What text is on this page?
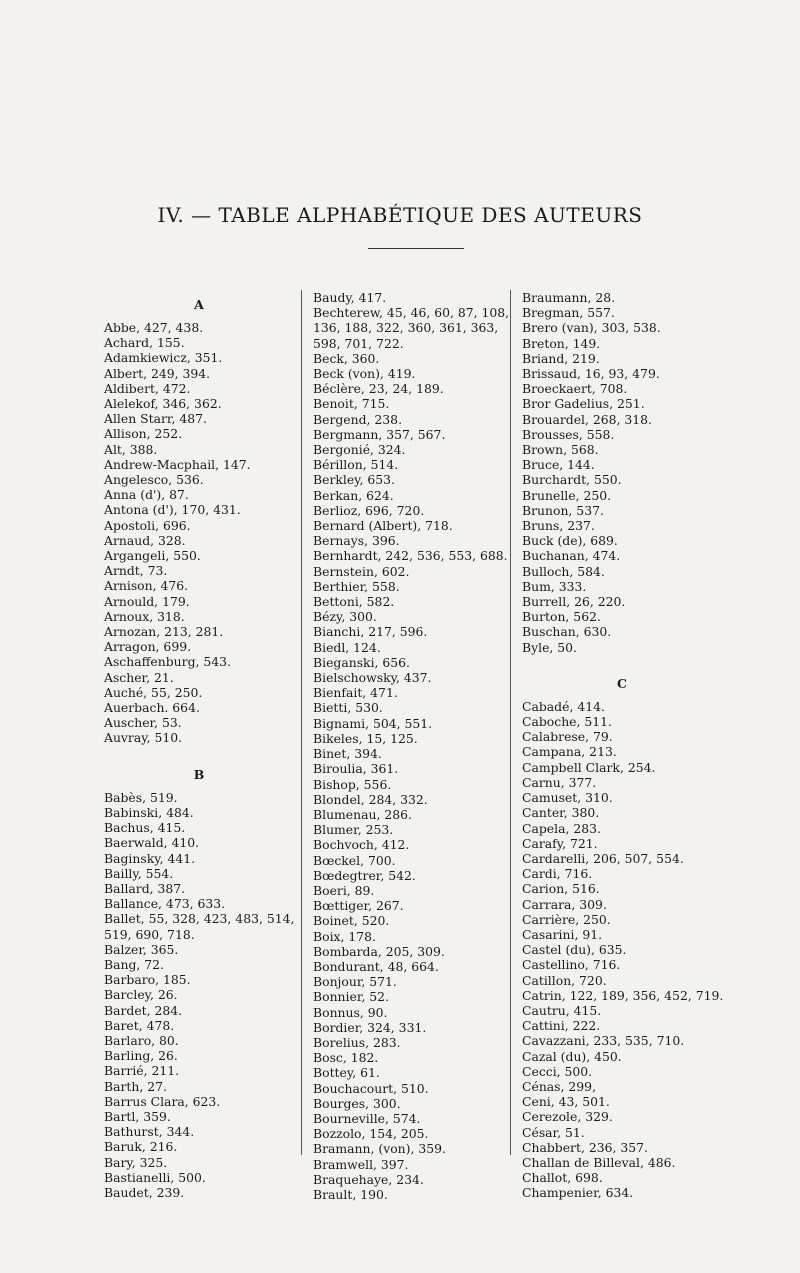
IV. — TABLE ALPHABÉTIQUE DES AUTEURS

A

Abbe, 427, 438.

Achard, 155.

Adamkiewicz, 351.

Albert, 249, 394.

Aldibert, 472.

Alelekof, 346, 362.

Allen Starr, 487.

Allison, 252.

Alt, 388.

Andrew-Macphail, 147.

Angelesco, 536.

Anna (d'), 87.

Antona (d'), 170, 431.

Apostoli, 696.

Arnaud, 328.

Argangeli, 550.

Arndt, 73.

Arnison, 476.

Arnould, 179.

Arnoux, 318.

Arnozan, 213, 281.

Arragon, 699.

Aschaffenburg, 543.

Ascher, 21.

Auché, 55, 250.

Auerbach. 664.

Auscher, 53.

Auvray, 510.

B

Babès, 519.

Babinski, 484.

Bachus, 415.

Baerwald, 410.

Baginsky, 441.

Bailly, 554.

Ballard, 387.

Ballance, 473, 633.

Ballet, 55, 328, 423, 483, 514,

519, 690, 718.

Balzer, 365.

Bang, 72.

Barbaro, 185.

Barcley, 26.

Bardet, 284.

Baret, 478.

Barlaro, 80.

Barling, 26.

Barrié, 211.

Barth, 27.

Barrus Clara, 623.

Bartl, 359.

Bathurst, 344.

Baruk, 216.

Bary, 325.

Bastianelli, 500.

Baudet, 239.

Baudy, 417.

Bechterew, 45, 46, 60, 87, 108,

136, 188, 322, 360, 361, 363,

598, 701, 722.

Beck, 360.

Beck (von), 419.

Béclère, 23, 24, 189.

Benoit, 715.

Bergend, 238.

Bergmann, 357, 567.

Bergonié, 324.

Bérillon, 514.

Berkley, 653.

Berkan, 624.

Berlioz, 696, 720.

Bernard (Albert), 718.

Bernays, 396.

Bernhardt, 242, 536, 553, 688.

Bernstein, 602.

Berthier, 558.

Bettoni, 582.

Bézy, 300.

Bianchi, 217, 596.

Biedl, 124.

Bieganski, 656.

Bielschowsky, 437.

Bienfait, 471.

Bietti, 530.

Bignami, 504, 551.

Bikeles, 15, 125.

Binet, 394.

Biroulia, 361.

Bishop, 556.

Blondel, 284, 332.

Blumenau, 286.

Blumer, 253.

Bochvoch, 412.

Bœckel, 700.

Bœdegtrer, 542.

Boeri, 89.

Bœttiger, 267.

Boinet, 520.

Boix, 178.

Bombarda, 205, 309.

Bondurant, 48, 664.

Bonjour, 571.

Bonnier, 52.

Bonnus, 90.

Bordier, 324, 331.

Borelius, 283.

Bosc, 182.

Bottey, 61.

Bouchacourt, 510.

Bourges, 300.

Bourneville, 574.

Bozzolo, 154, 205.

Bramann, (von), 359.

Bramwell, 397.

Braquehaye, 234.

Brault, 190.

Braumann, 28.

Bregman, 557.

Brero (van), 303, 538.

Breton, 149.

Briand, 219.

Brissaud, 16, 93, 479.

Broeckaert, 708.

Bror Gadelius, 251.

Brouardel, 268, 318.

Brousses, 558.

Brown, 568.

Bruce, 144.

Burchardt, 550.

Brunelle, 250.

Brunon, 537.

Bruns, 237.

Buck (de), 689.

Buchanan, 474.

Bulloch, 584.

Bum, 333.

Burrell, 26, 220.

Burton, 562.

Buschan, 630.

Byle, 50.

C

Cabadé, 414.

Caboche, 511.

Calabrese, 79.

Campana, 213.

Campbell Clark, 254.

Carnu, 377.

Camuset, 310.

Canter, 380.

Capela, 283.

Carafy, 721.

Cardarelli, 206, 507, 554.

Cardi, 716.

Carion, 516.

Carrara, 309.

Carrière, 250.

Casarini, 91.

Castel (du), 635.

Castellino, 716.

Catillon, 720.

Catrin, 122, 189, 356, 452, 719.

Cautru, 415.

Cattini, 222.

Cavazzani, 233, 535, 710.

Cazal (du), 450.

Cecci, 500.

Cénas, 299,

Ceni, 43, 501.

Cerezole, 329.

César, 51.

Chabbert, 236, 357.

Challan de Billeval, 486.

Challot, 698.

Champenier, 634.
